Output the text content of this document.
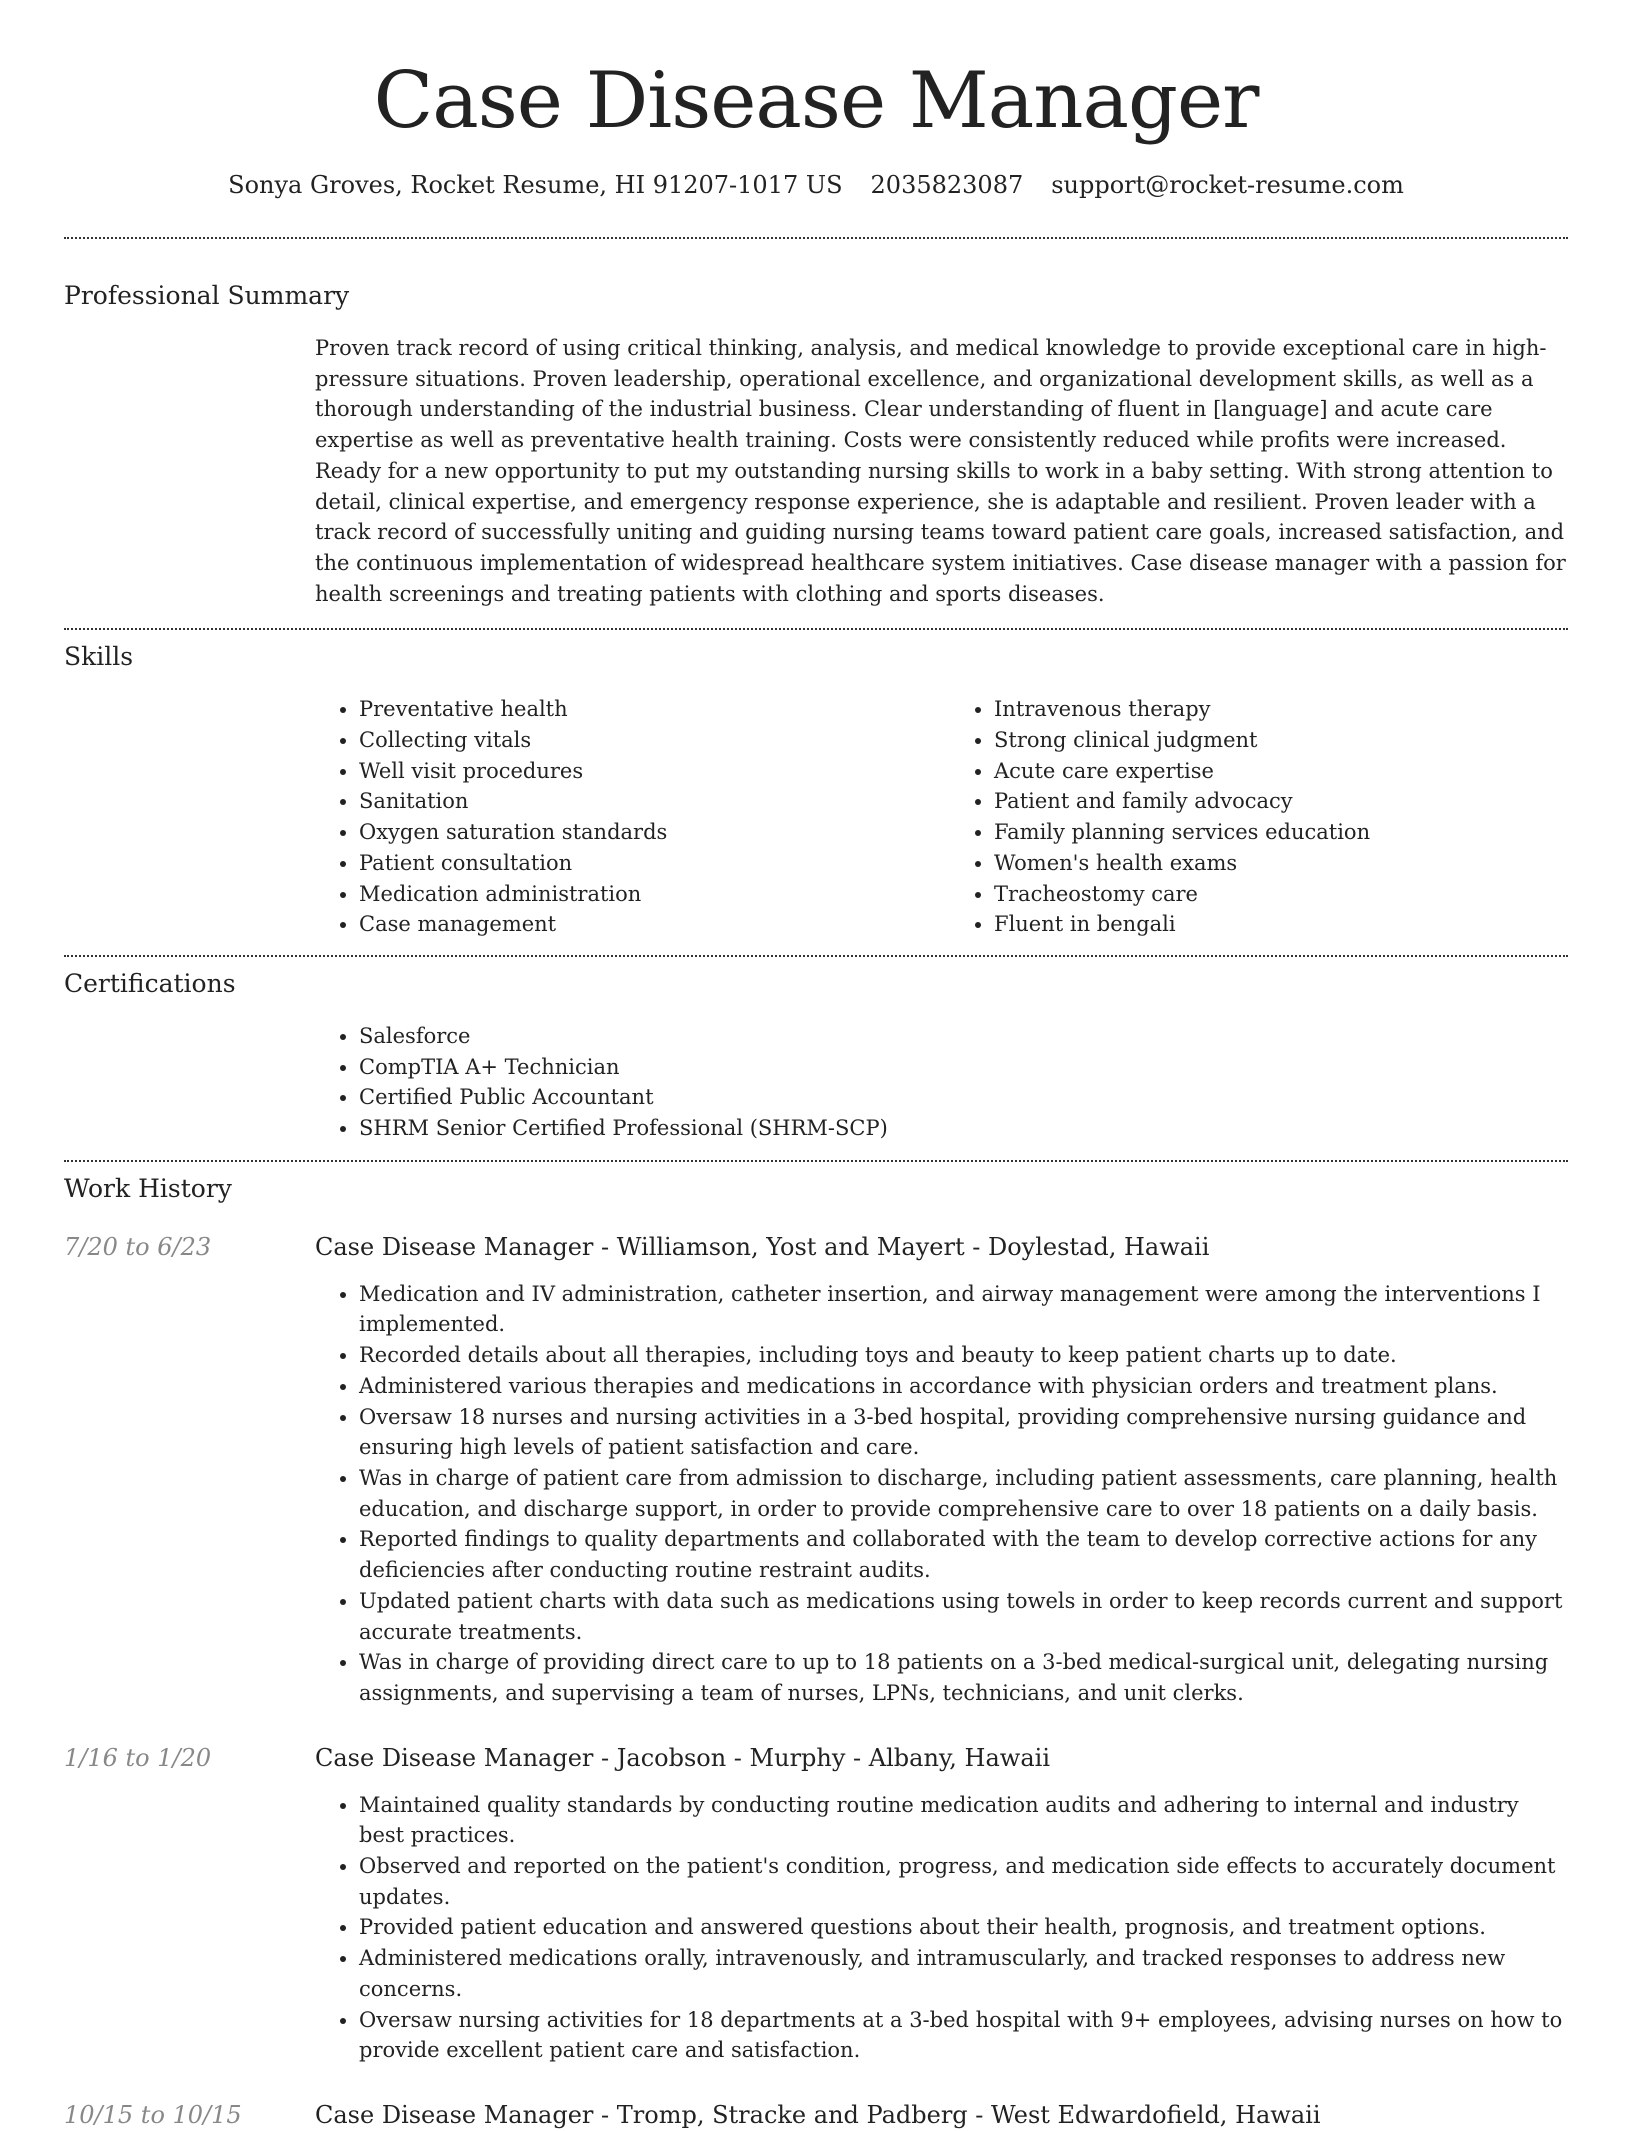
Case Disease Manager
Sonya Groves, Rocket Resume, HI 91207-1017 US 2035823087 support@rocket-resume.com
Professional Summary

Proven track record of using critical thinking, analysis, and medical knowledge to provide exceptional care in high-pressure situations. Proven leadership, operational excellence, and organizational development skills, as well as a thorough understanding of the industrial business. Clear understanding of fluent in [language] and acute care expertise as well as preventative health training. Costs were consistently reduced while profits were increased. Ready for a new opportunity to put my outstanding nursing skills to work in a baby setting. With strong attention to detail, clinical expertise, and emergency response experience, she is adaptable and resilient. Proven leader with a track record of successfully uniting and guiding nursing teams toward patient care goals, increased satisfaction, and the continuous implementation of widespread healthcare system initiatives. Case disease manager with a passion for health screenings and treating patients with clothing and sports diseases.

Skills
• Preventative health
• Collecting vitals
• Well visit procedures
• Sanitation
• Oxygen saturation standards
• Patient consultation
• Medication administration
• Case management
• Intravenous therapy
• Strong clinical judgment
• Acute care expertise
• Patient and family advocacy
• Family planning services education
• Women's health exams
• Tracheostomy care
• Fluent in bengali
Certifications
• Salesforce
• CompTIA A+ Technician
• Certified Public Accountant
• SHRM Senior Certified Professional (SHRM-SCP)
Work History
7/20 to 6/23	Case Disease Manager - Williamson, Yost and Mayert - Doylestad, Hawaii
• Medication and IV administration, catheter insertion, and airway management were among the interventions I implemented.
• Recorded details about all therapies, including toys and beauty to keep patient charts up to date.
• Administered various therapies and medications in accordance with physician orders and treatment plans.
• Oversaw 18 nurses and nursing activities in a 3-bed hospital, providing comprehensive nursing guidance and ensuring high levels of patient satisfaction and care.
• Was in charge of patient care from admission to discharge, including patient assessments, care planning, health education, and discharge support, in order to provide comprehensive care to over 18 patients on a daily basis.
• Reported findings to quality departments and collaborated with the team to develop corrective actions for any deficiencies after conducting routine restraint audits.
• Updated patient charts with data such as medications using towels in order to keep records current and support accurate treatments.
• Was in charge of providing direct care to up to 18 patients on a 3-bed medical-surgical unit, delegating nursing assignments, and supervising a team of nurses, LPNs, technicians, and unit clerks.
1/16 to 1/20	Case Disease Manager - Jacobson - Murphy - Albany, Hawaii
• Maintained quality standards by conducting routine medication audits and adhering to internal and industry best practices.
• Observed and reported on the patient's condition, progress, and medication side effects to accurately document updates.
• Provided patient education and answered questions about their health, prognosis, and treatment options.
• Administered medications orally, intravenously, and intramuscularly, and tracked responses to address new concerns.
• Oversaw nursing activities for 18 departments at a 3-bed hospital with 9+ employees, advising nurses on how to provide excellent patient care and satisfaction.
10/15 to 10/15	Case Disease Manager - Tromp, Stracke and Padberg - West Edwardofield, Hawaii
